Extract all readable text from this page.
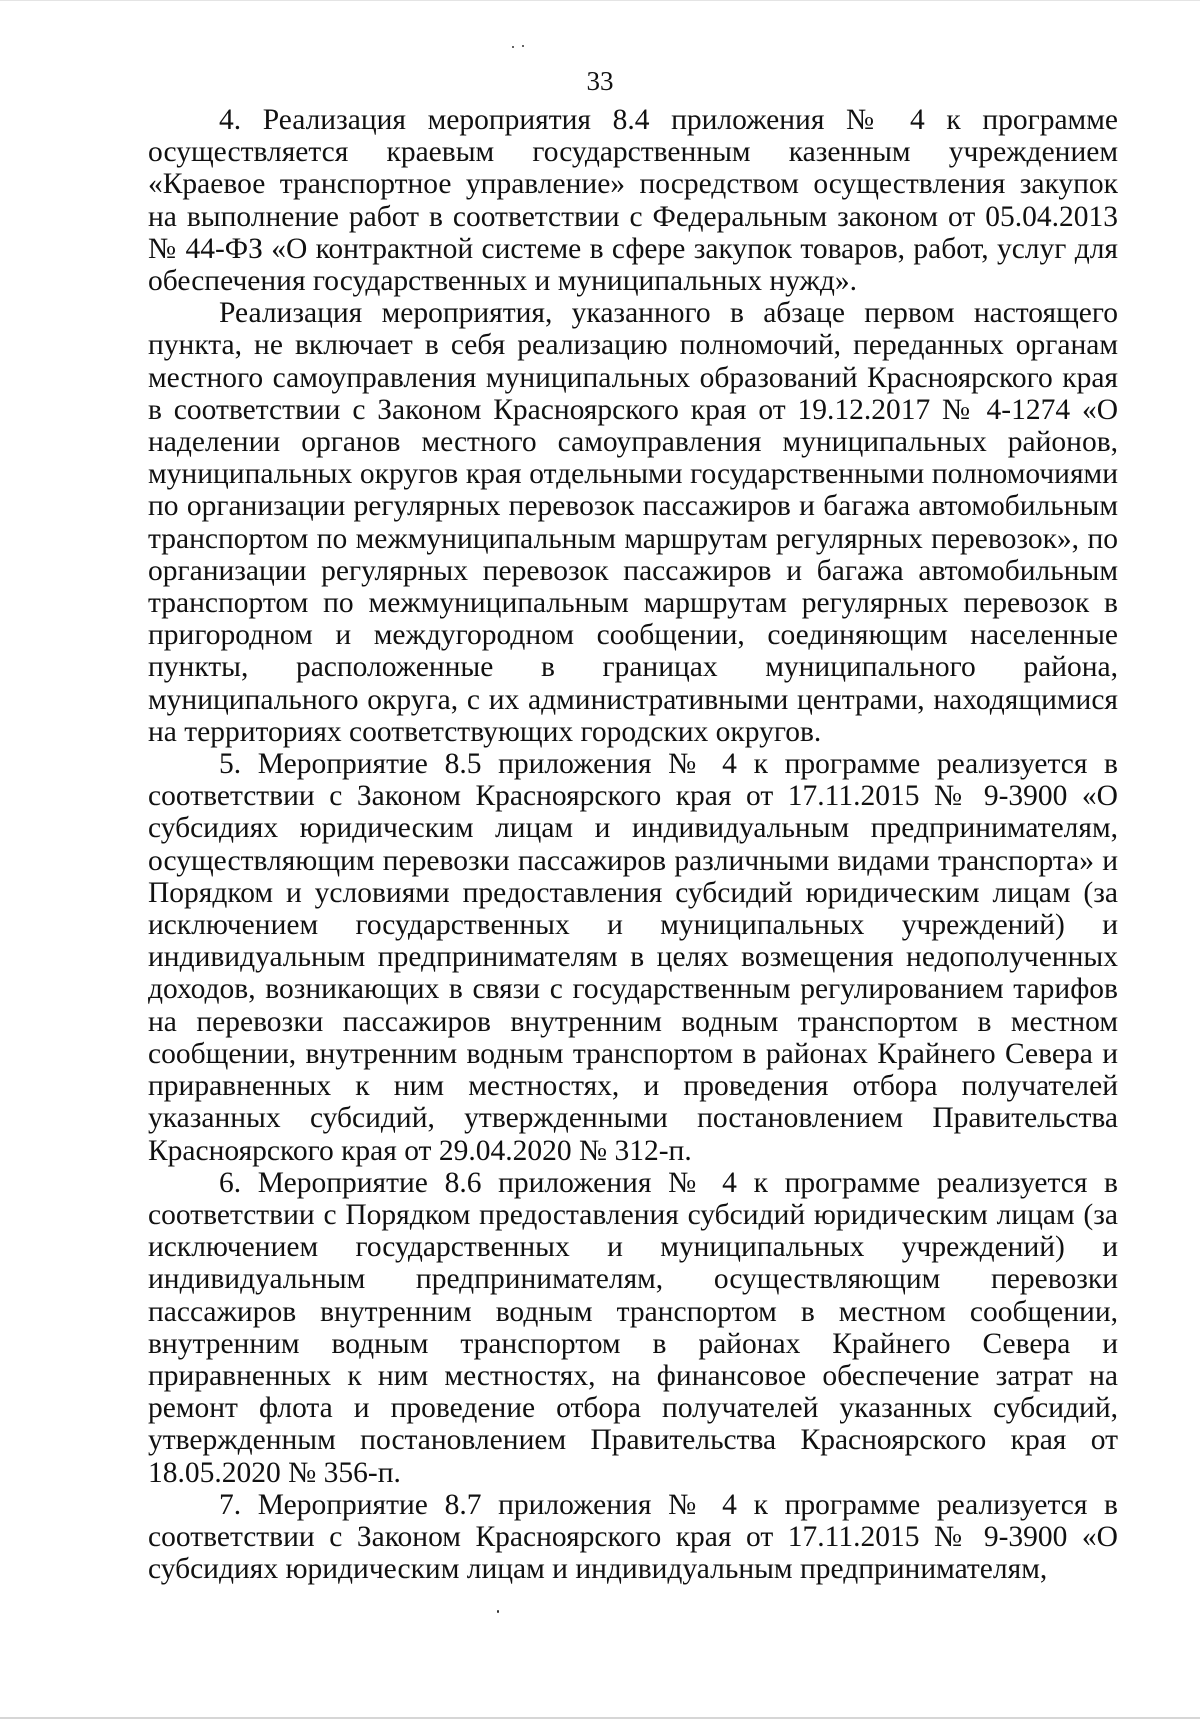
33

4. Реализация мероприятия 8.4 приложения № 4 к программе осуществляется краевым государственным казенным учреждением «Краевое транспортное управление» посредством осуществления закупок на выполнение работ в соответствии с Федеральным законом от 05.04.2013 № 44-ФЗ «О контрактной системе в сфере закупок товаров, работ, услуг для обеспечения государственных и муниципальных нужд».

Реализация мероприятия, указанного в абзаце первом настоящего пункта, не включает в себя реализацию полномочий, переданных органам местного самоуправления муниципальных образований Красноярского края в соответствии с Законом Красноярского края от 19.12.2017 № 4-1274 «О наделении органов местного самоуправления муниципальных районов, муниципальных округов края отдельными государственными полномочиями по организации регулярных перевозок пассажиров и багажа автомобильным транспортом по межмуниципальным маршрутам регулярных перевозок», по организации регулярных перевозок пассажиров и багажа автомобильным транспортом по межмуниципальным маршрутам регулярных перевозок в пригородном и междугородном сообщении, соединяющим населенные пункты, расположенные в границах муниципального района, муниципального округа, с их административными центрами, находящимися на территориях соответствующих городских округов.

5. Мероприятие 8.5 приложения № 4 к программе реализуется в соответствии с Законом Красноярского края от 17.11.2015 № 9-3900 «О субсидиях юридическим лицам и индивидуальным предпринимателям, осуществляющим перевозки пассажиров различными видами транспорта» и Порядком и условиями предоставления субсидий юридическим лицам (за исключением государственных и муниципальных учреждений) и индивидуальным предпринимателям в целях возмещения недополученных доходов, возникающих в связи с государственным регулированием тарифов на перевозки пассажиров внутренним водным транспортом в местном сообщении, внутренним водным транспортом в районах Крайнего Севера и приравненных к ним местностях, и проведения отбора получателей указанных субсидий, утвержденными постановлением Правительства Красноярского края от 29.04.2020 № 312-п.

6. Мероприятие 8.6 приложения № 4 к программе реализуется в соответствии с Порядком предоставления субсидий юридическим лицам (за исключением государственных и муниципальных учреждений) и индивидуальным предпринимателям, осуществляющим перевозки пассажиров внутренним водным транспортом в местном сообщении, внутренним водным транспортом в районах Крайнего Севера и приравненных к ним местностях, на финансовое обеспечение затрат на ремонт флота и проведение отбора получателей указанных субсидий, утвержденным постановлением Правительства Красноярского края от 18.05.2020 № 356-п.

7. Мероприятие 8.7 приложения № 4 к программе реализуется в соответствии с Законом Красноярского края от 17.11.2015 № 9-3900 «О субсидиях юридическим лицам и индивидуальным предпринимателям,
